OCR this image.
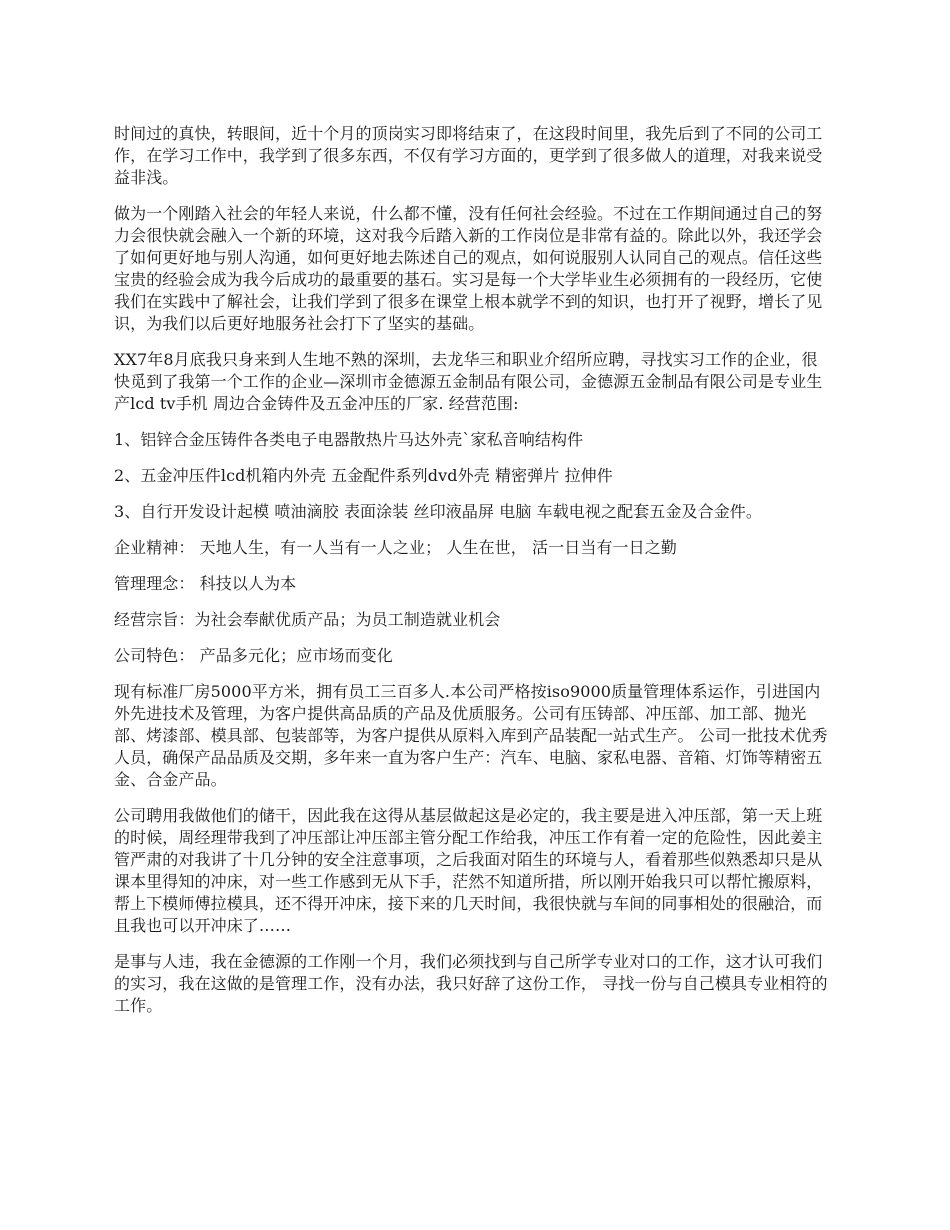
时间过的真快，转眼间，近十个月的顶岗实习即将结束了，在这段时间里，我先后到了不同的公司工作，在学习工作中，我学到了很多东西，不仅有学习方面的，更学到了很多做人的道理，对我来说受益非浅。

做为一个刚踏入社会的年轻人来说，什么都不懂，没有任何社会经验。不过在工作期间通过自己的努力会很快就会融入一个新的环境，这对我今后踏入新的工作岗位是非常有益的。除此以外，我还学会了如何更好地与别人沟通，如何更好地去陈述自己的观点，如何说服别人认同自己的观点。信任这些宝贵的经验会成为我今后成功的最重要的基石。实习是每一个大学毕业生必须拥有的一段经历，它使我们在实践中了解社会，让我们学到了很多在课堂上根本就学不到的知识，也打开了视野，增长了见识，为我们以后更好地服务社会打下了坚实的基础。

XX7年8月底我只身来到人生地不熟的深圳，去龙华三和职业介绍所应聘，寻找实习工作的企业，很快觅到了我第一个工作的企业—深圳市金德源五金制品有限公司，金德源五金制品有限公司是专业生产lcd tv手机 周边合金铸件及五金冲压的厂家. 经营范围:

1、铝锌合金压铸件各类电子电器散热片马达外壳`家私音响结构件

2、五金冲压件lcd机箱内外壳 五金配件系列dvd外壳 精密弹片 拉伸件

3、自行开发设计起模 喷油滴胶 表面涂装 丝印液晶屏 电脑 车载电视之配套五金及合金件。

企业精神： 天地人生，有一人当有一人之业； 人生在世， 活一日当有一日之勤

管理理念： 科技以人为本

经营宗旨：为社会奉献优质产品；为员工制造就业机会

公司特色： 产品多元化；应市场而变化

现有标准厂房5000平方米，拥有员工三百多人.本公司严格按iso9000质量管理体系运作，引进国内外先进技术及管理，为客户提供高品质的产品及优质服务。公司有压铸部、冲压部、加工部、抛光部、烤漆部、模具部、包装部等，为客户提供从原料入库到产品装配一站式生产。 公司一批技术优秀人员，确保产品品质及交期，多年来一直为客户生产：汽车、电脑、家私电器、音箱、灯饰等精密五金、合金产品。

公司聘用我做他们的储干，因此我在这得从基层做起这是必定的，我主要是进入冲压部，第一天上班的时候，周经理带我到了冲压部让冲压部主管分配工作给我，冲压工作有着一定的危险性，因此姜主管严肃的对我讲了十几分钟的安全注意事项，之后我面对陌生的环境与人，看着那些似熟悉却只是从课本里得知的冲床，对一些工作感到无从下手，茫然不知道所措，所以刚开始我只可以帮忙搬原料，帮上下模师傅拉模具，还不得开冲床，接下来的几天时间，我很快就与车间的同事相处的很融洽，而且我也可以开冲床了……

是事与人违，我在金德源的工作刚一个月，我们必须找到与自己所学专业对口的工作，这才认可我们的实习，我在这做的是管理工作，没有办法，我只好辞了这份工作， 寻找一份与自己模具专业相符的工作。
